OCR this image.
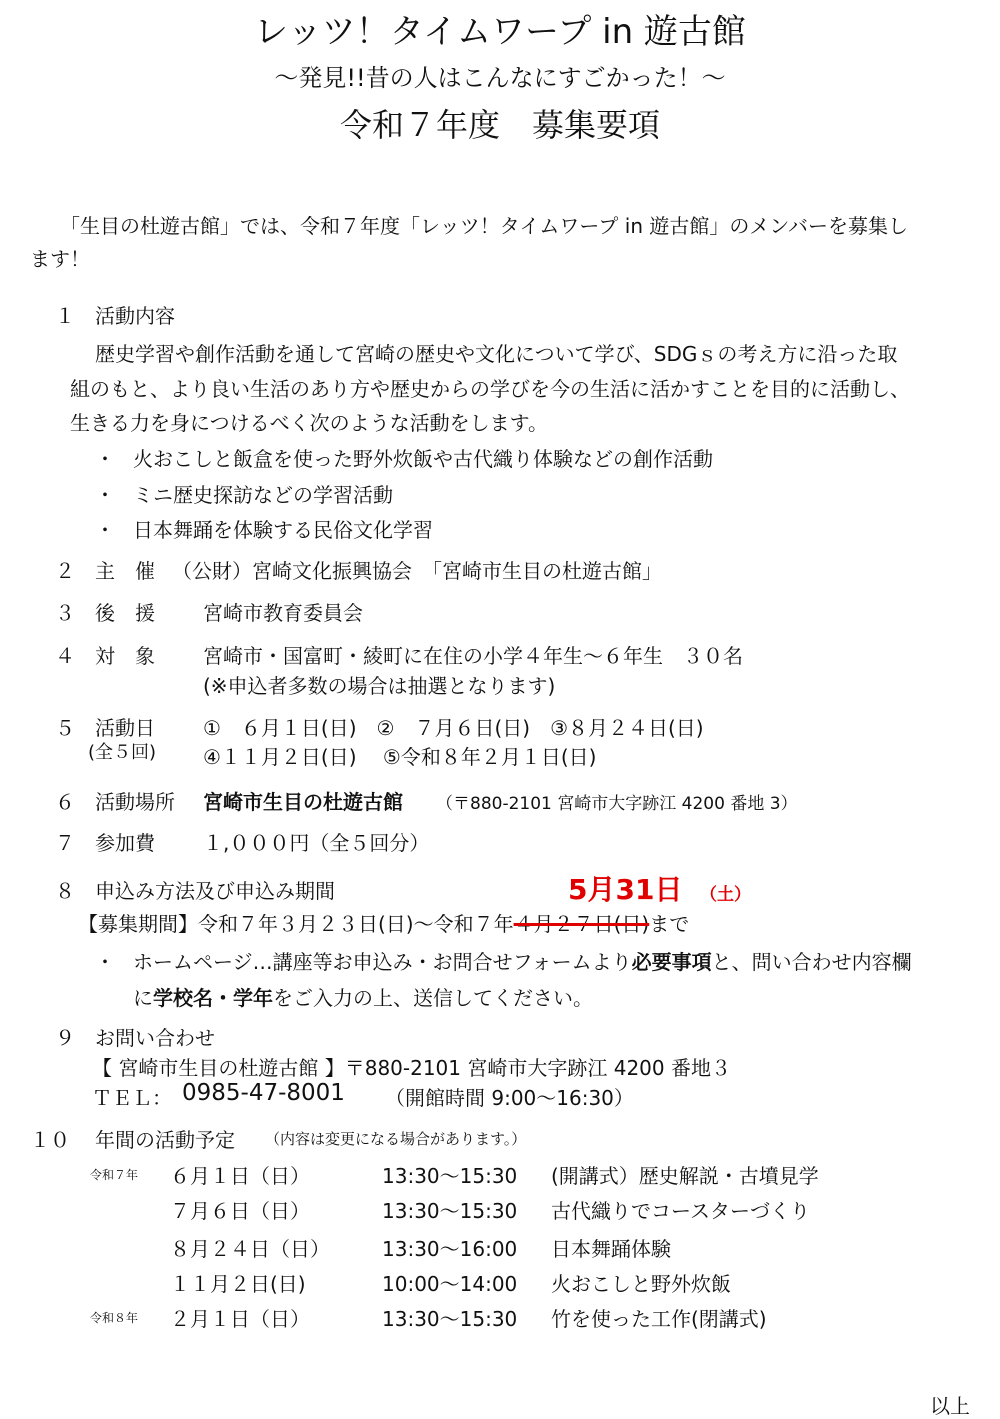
レッツ！タイムワープ in 遊古館
～発見!!昔の人はこんなにすごかった！～
令和７年度　募集要項
「生目の杜遊古館」では、令和７年度「レッツ！タイムワープ in 遊古館」のメンバーを募集し
ます！
１ 活動内容
歴史学習や創作活動を通して宮崎の歴史や文化について学び、SDGｓの考え方に沿った取
組のもと、より良い生活のあり方や歴史からの学びを今の生活に活かすことを目的に活動し、
生きる力を身につけるべく次のような活動をします。
・ 火おこしと飯盒を使った野外炊飯や古代織り体験などの創作活動
・ ミニ歴史探訪などの学習活動
・ 日本舞踊を体験する民俗文化学習
２ 主　催 （公財）宮崎文化振興協会　「宮崎市生目の杜遊古館」
３ 後　援 宮崎市教育委員会
４ 対　象 宮崎市・国富町・綾町に在住の小学４年生～６年生　３０名
(※申込者多数の場合は抽選となります)
５ 活動日
(全５回)
①　６月１日(日)　②　７月６日(日)　③８月２４日(日)
④１１月２日(日)　 ⑤令和８年２月１日(日)
６ 活動場所 宮崎市生目の杜遊古館 （〒880-2101 宮崎市大字跡江 4200 番地 3）
７ 参加費 １,０００円（全５回分）
８ 申込み方法及び申込み期間	5月31日 （土）
【募集期間】令和７年３月２３日(日)～令和７年４月２７日(日)まで
・ ホームページ…講座等お申込み・お問合せフォームより必要事項と、問い合わせ内容欄
に学校名・学年をご入力の上、送信してください。
９ お問い合わせ
【 宮崎市生目の杜遊古館 】〒880-2101 宮崎市大字跡江 4200 番地３
ＴＥＬ： 0985-47-8001 （開館時間 9:00～16:30）
１０ 年間の活動予定 （内容は変更になる場合があります。）
令和７年 ６月１日（日）	13:30～15:30 (開講式）歴史解説・古墳見学
７月６日（日）	13:30～15:30 古代織りでコースターづくり
８月２４日（日）	13:30～16:00 日本舞踊体験
１１月２日(日)	10:00～14:00 火おこしと野外炊飯
令和８年 ２月１日（日）	13:30～15:30 竹を使った工作(閉講式)
以上
